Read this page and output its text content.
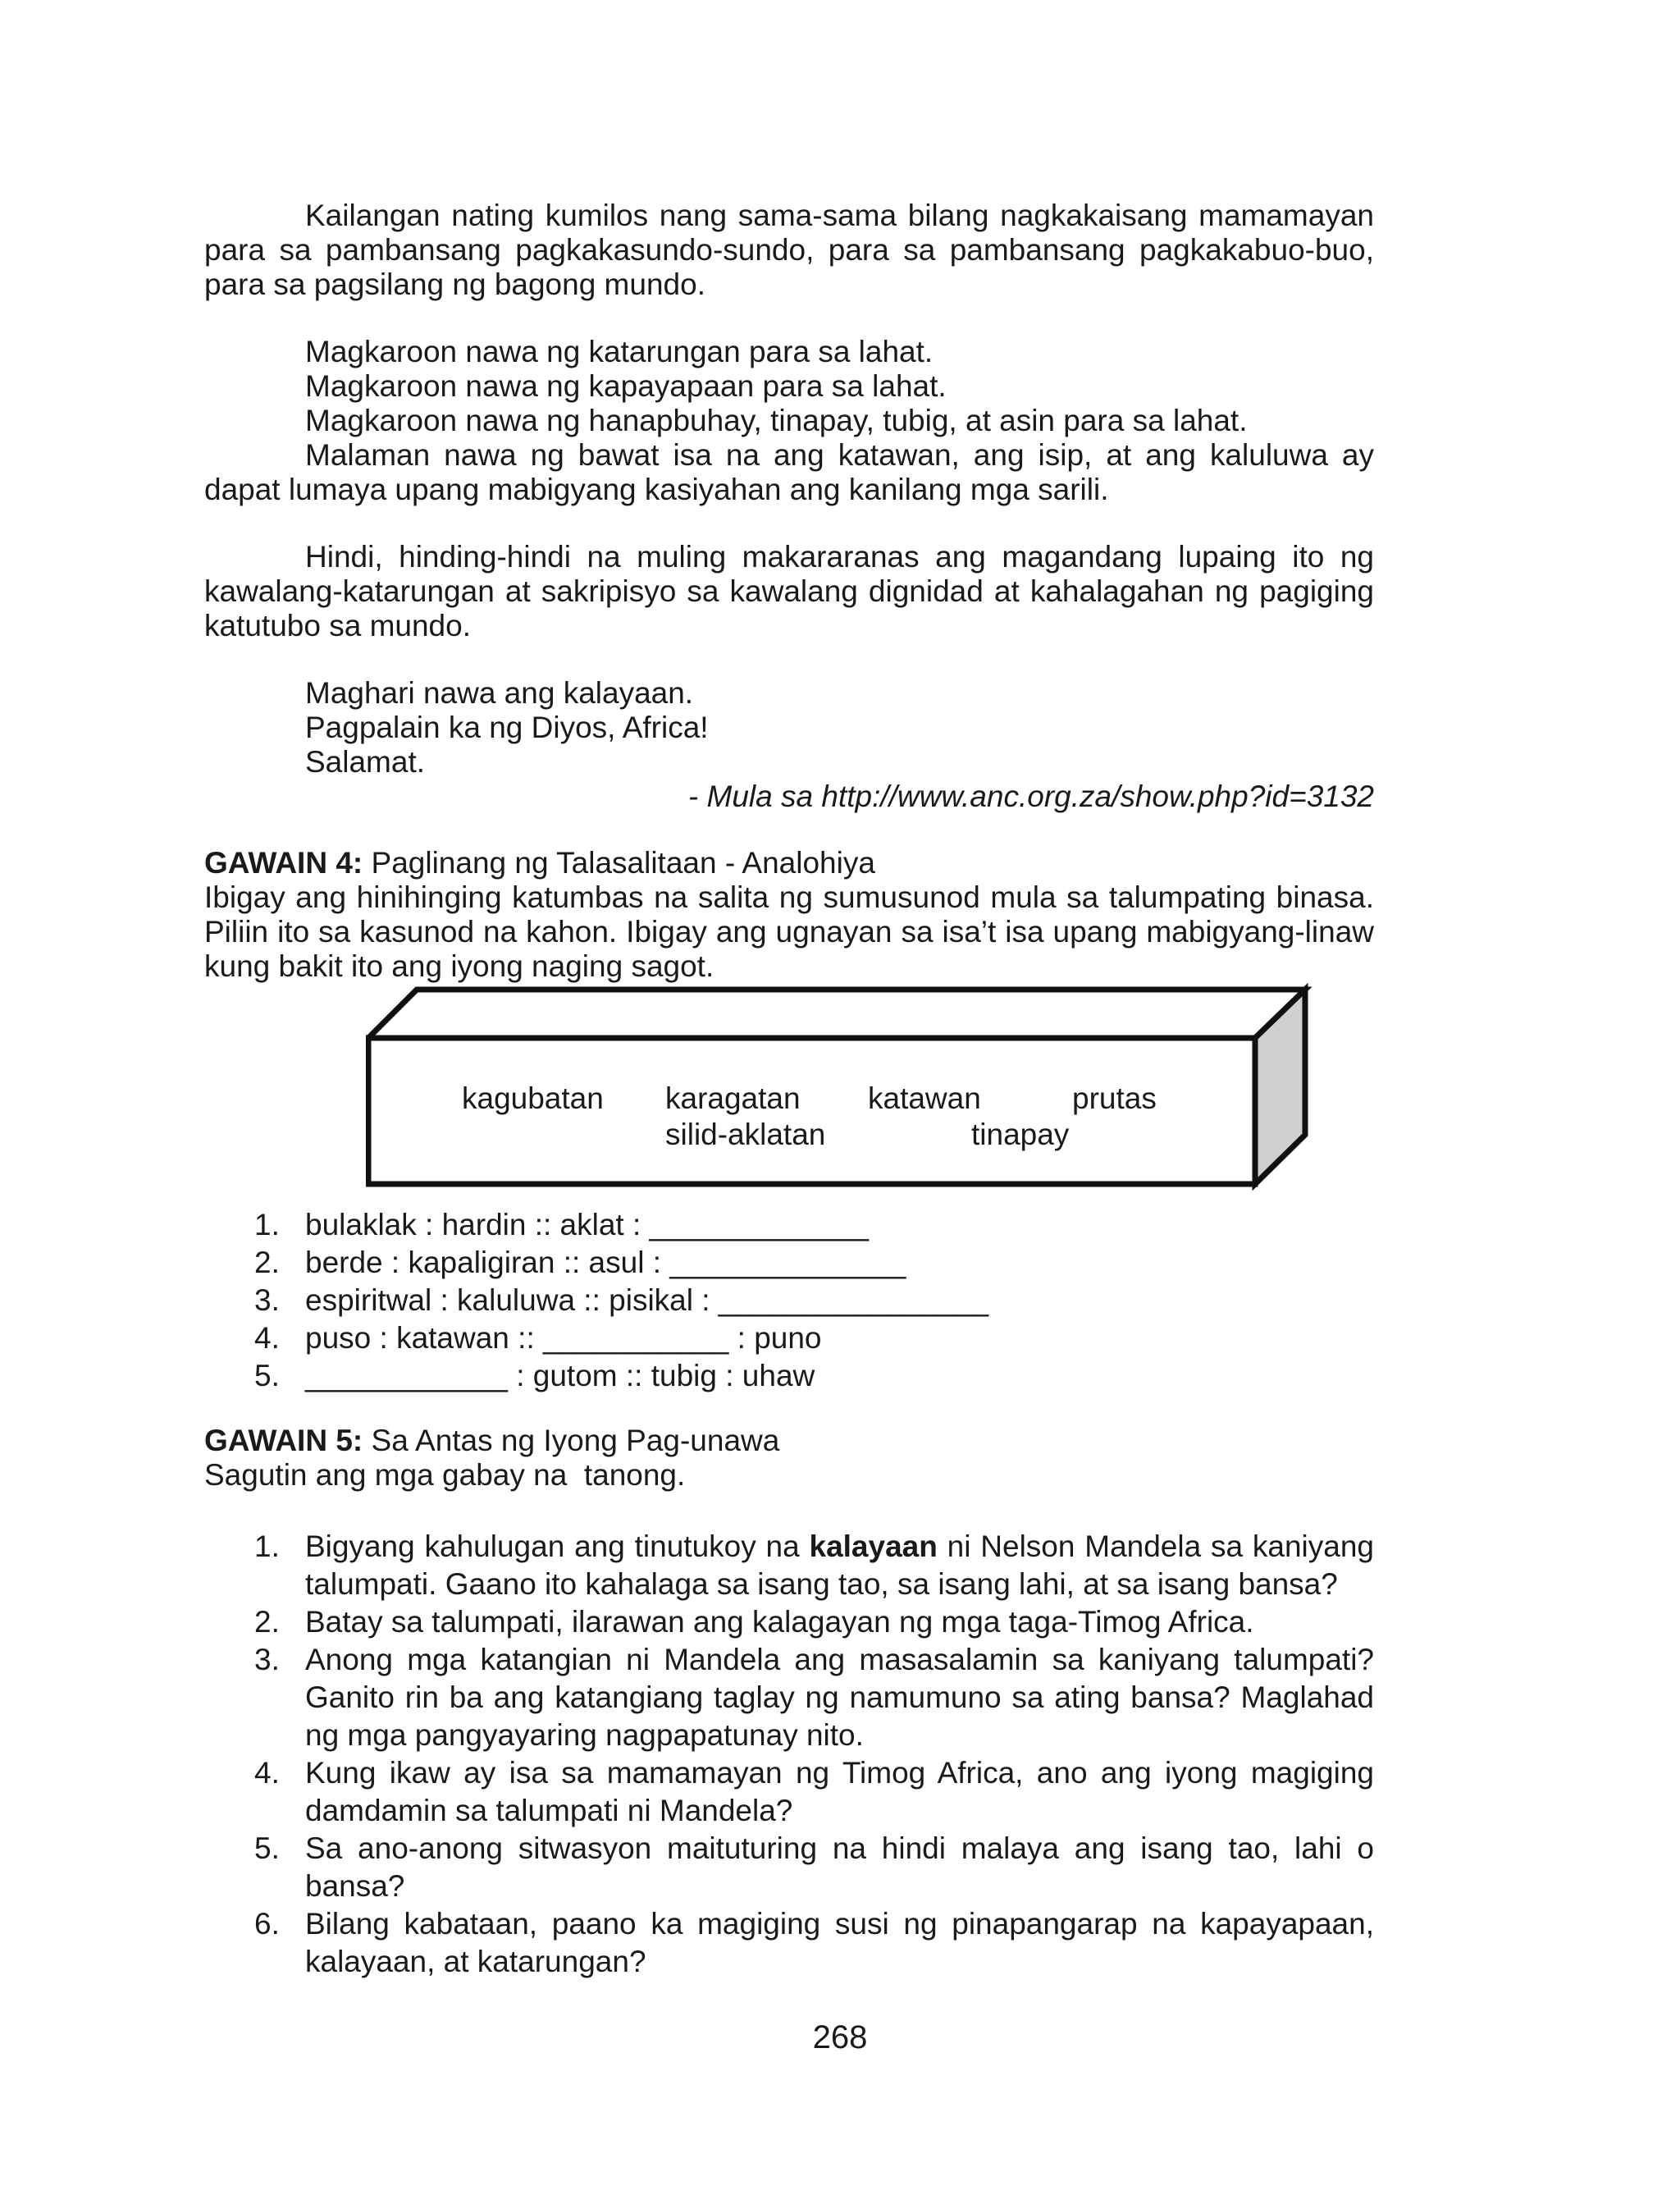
Kailangan nating kumilos nang sama-sama bilang nagkakaisang mamamayan para sa pambansang pagkakasundo-sundo, para sa pambansang pagkakabuo-buo, para sa pagsilang ng bagong mundo.

Magkaroon nawa ng katarungan para sa lahat.
Magkaroon nawa ng kapayapaan para sa lahat.
Magkaroon nawa ng hanapbuhay, tinapay, tubig, at asin para sa lahat.

Malaman nawa ng bawat isa na ang katawan, ang isip, at ang kaluluwa ay dapat lumaya upang mabigyang kasiyahan ang kanilang mga sarili.

Hindi, hinding-hindi na muling makararanas ang magandang lupaing ito ng kawalang-katarungan at sakripisyo sa kawalang dignidad at kahalagahan ng pagiging katutubo sa mundo.

Maghari nawa ang kalayaan.
Pagpalain ka ng Diyos, Africa!
Salamat.
- Mula sa http://www.anc.org.za/show.php?id=3132
GAWAIN 4: Paglinang ng Talasalitaan - Analohiya

Ibigay ang hinihinging katumbas na salita ng sumusunod mula sa talumpating binasa. Piliin ito sa kasunod na kahon. Ibigay ang ugnayan sa isa’t isa upang mabigyang-linaw kung bakit ito ang iyong naging sagot.

kagubatan karagatan katawan	prutas
silid-aklatan	tinapay
1. bulaklak : hardin :: aklat : _____________
2. berde : kapaligiran :: asul : ______________
3. espiritwal : kaluluwa :: pisikal : ________________
4. puso : katawan :: ___________ : puno
5. ____________ : gutom :: tubig : uhaw
GAWAIN 5: Sa Antas ng Iyong Pag-unawa
Sagutin ang mga gabay na  tanong.
1. Bigyang kahulugan ang tinutukoy na kalayaan ni Nelson Mandela sa kaniyang talumpati. Gaano ito kahalaga sa isang tao, sa isang lahi, at sa isang bansa?
2. Batay sa talumpati, ilarawan ang kalagayan ng mga taga-Timog Africa.
3. Anong mga katangian ni Mandela ang masasalamin sa kaniyang talumpati? Ganito rin ba ang katangiang taglay ng namumuno sa ating bansa? Maglahad ng mga pangyayaring nagpapatunay nito.
4. Kung ikaw ay isa sa mamamayan ng Timog Africa, ano ang iyong magiging damdamin sa talumpati ni Mandela?
5. Sa ano-anong sitwasyon maituturing na hindi malaya ang isang tao, lahi o bansa?
6. Bilang kabataan, paano ka magiging susi ng pinapangarap na kapayapaan, kalayaan, at katarungan?
268
